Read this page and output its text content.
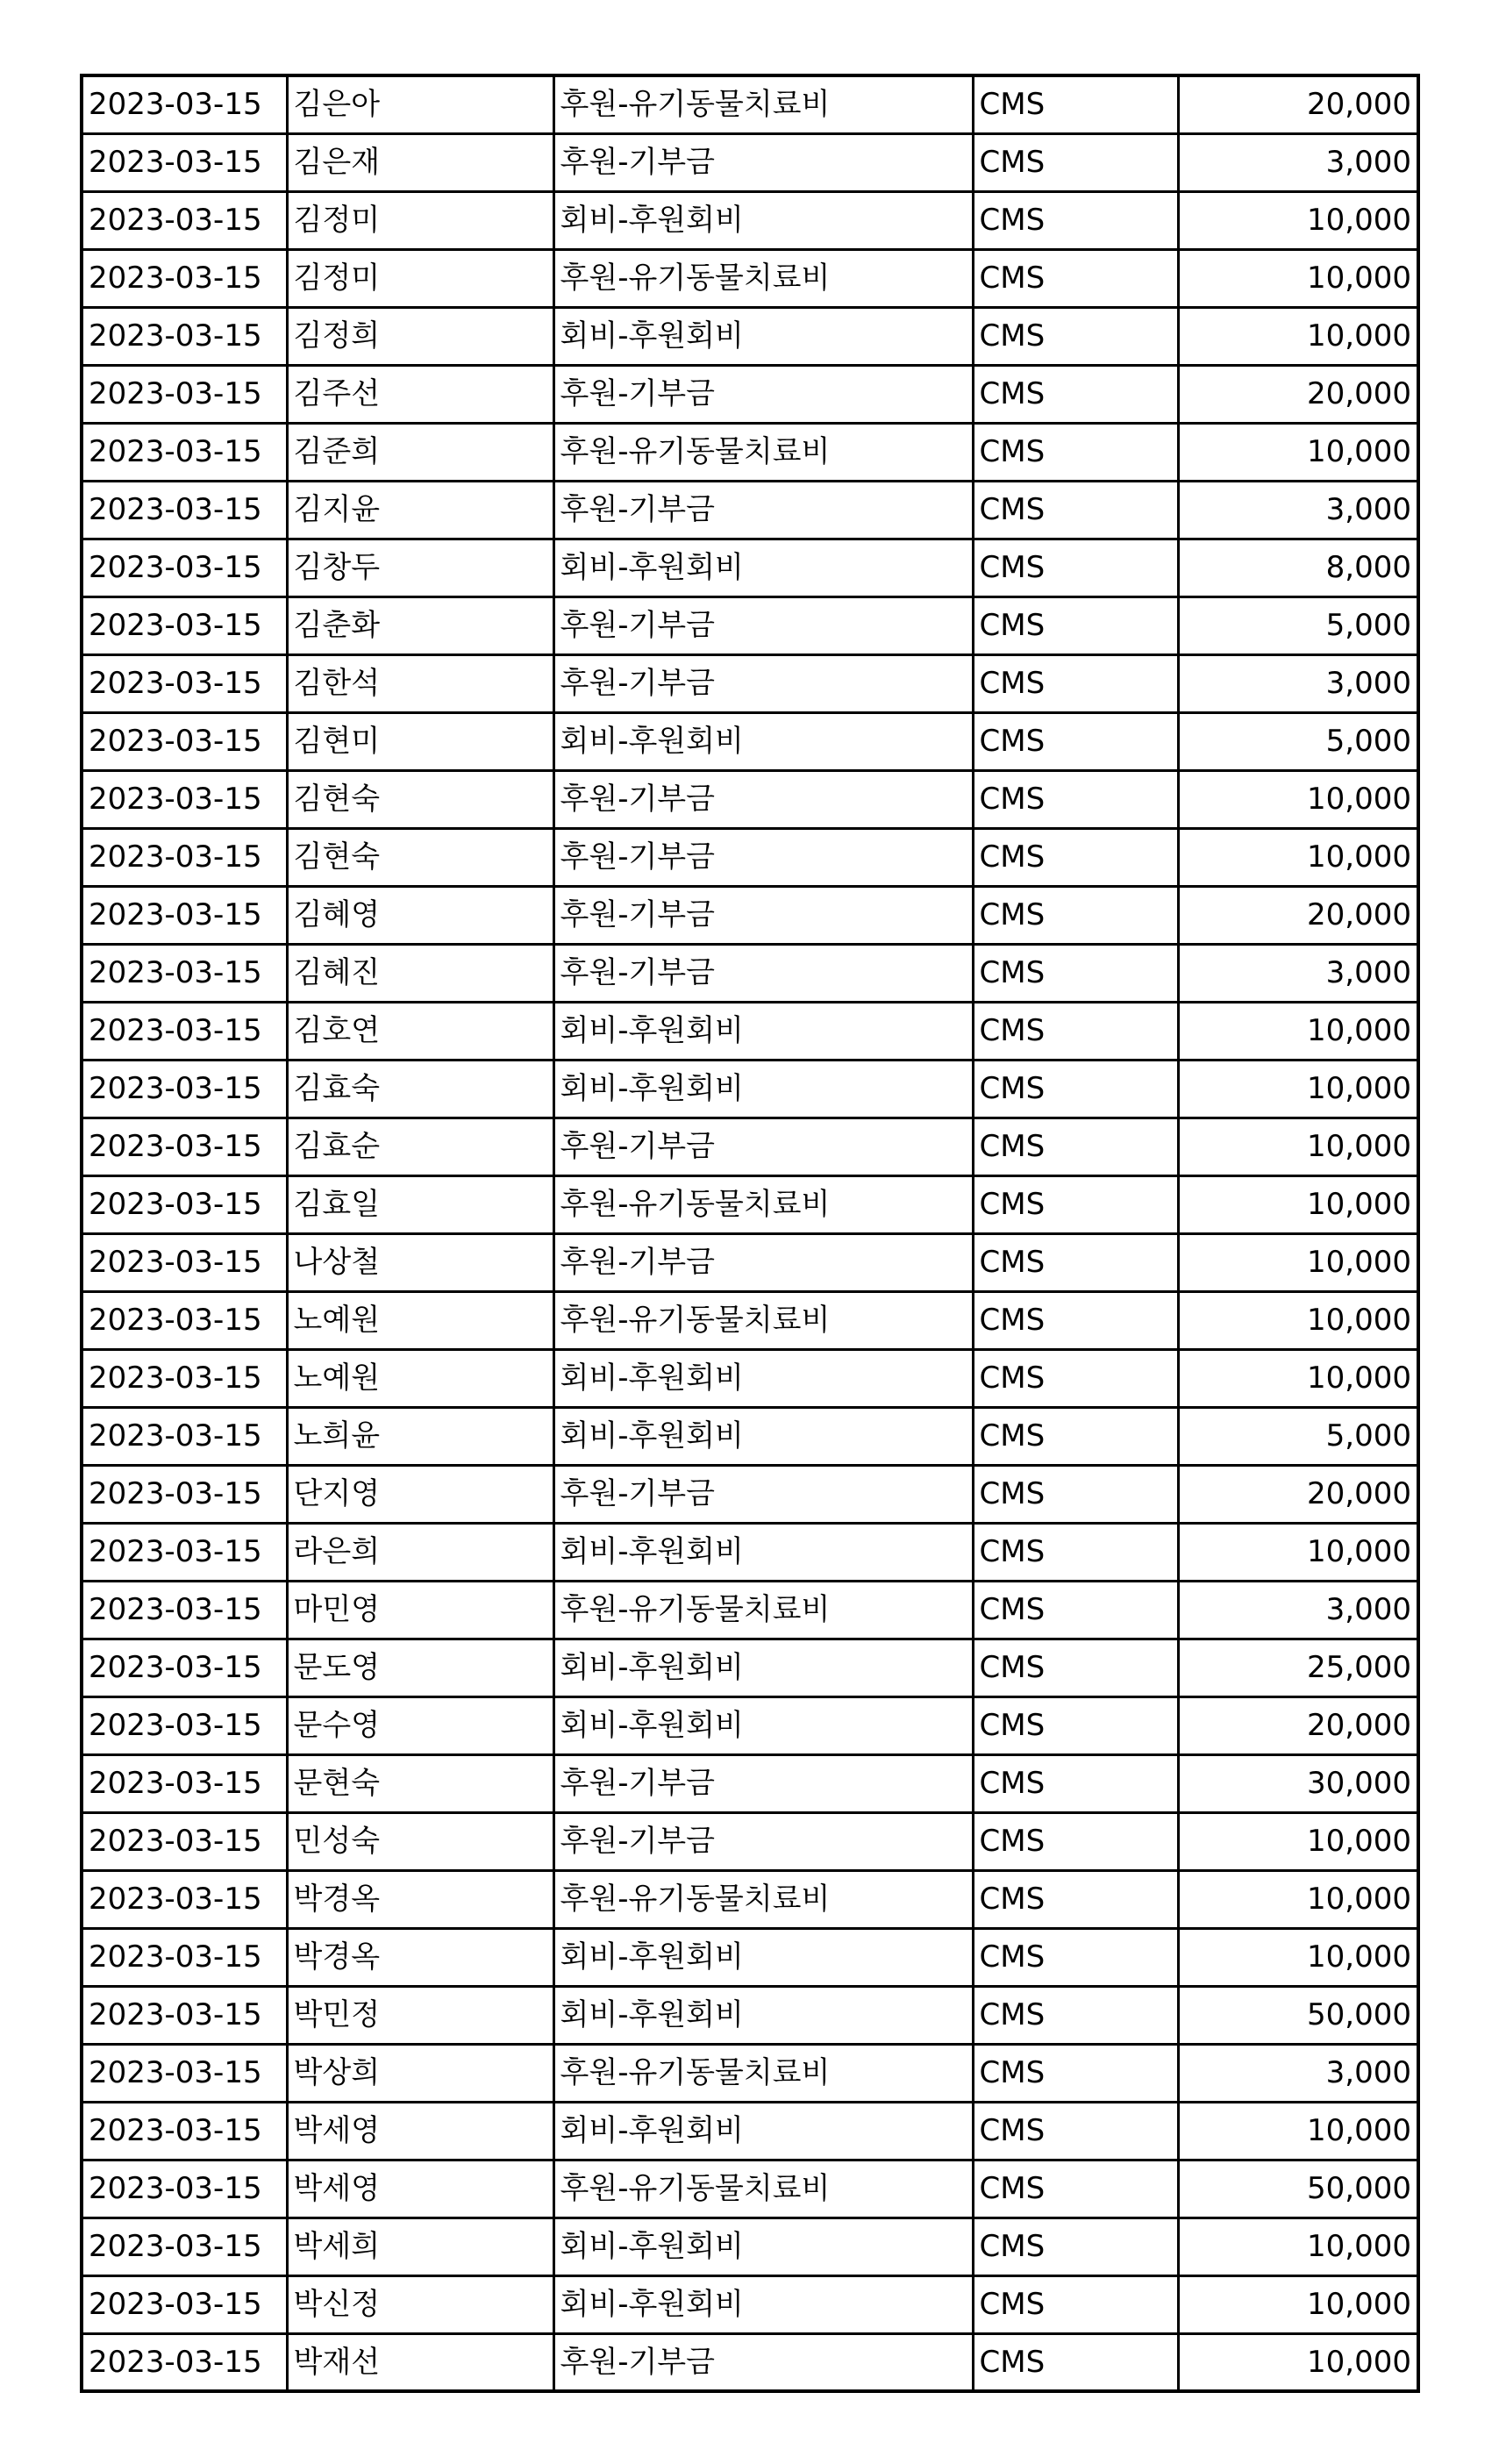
2023-03-15	김은아	후원-유기동물치료비	CMS	20,000
2023-03-15	김은재	후원-기부금	CMS	3,000
2023-03-15	김정미	회비-후원회비	CMS	10,000
2023-03-15	김정미	후원-유기동물치료비	CMS	10,000
2023-03-15	김정희	회비-후원회비	CMS	10,000
2023-03-15	김주선	후원-기부금	CMS	20,000
2023-03-15	김준희	후원-유기동물치료비	CMS	10,000
2023-03-15	김지윤	후원-기부금	CMS	3,000
2023-03-15	김창두	회비-후원회비	CMS	8,000
2023-03-15	김춘화	후원-기부금	CMS	5,000
2023-03-15	김한석	후원-기부금	CMS	3,000
2023-03-15	김현미	회비-후원회비	CMS	5,000
2023-03-15	김현숙	후원-기부금	CMS	10,000
2023-03-15	김현숙	후원-기부금	CMS	10,000
2023-03-15	김혜영	후원-기부금	CMS	20,000
2023-03-15	김혜진	후원-기부금	CMS	3,000
2023-03-15	김호연	회비-후원회비	CMS	10,000
2023-03-15	김효숙	회비-후원회비	CMS	10,000
2023-03-15	김효순	후원-기부금	CMS	10,000
2023-03-15	김효일	후원-유기동물치료비	CMS	10,000
2023-03-15	나상철	후원-기부금	CMS	10,000
2023-03-15	노예원	후원-유기동물치료비	CMS	10,000
2023-03-15	노예원	회비-후원회비	CMS	10,000
2023-03-15	노희윤	회비-후원회비	CMS	5,000
2023-03-15	단지영	후원-기부금	CMS	20,000
2023-03-15	라은희	회비-후원회비	CMS	10,000
2023-03-15	마민영	후원-유기동물치료비	CMS	3,000
2023-03-15	문도영	회비-후원회비	CMS	25,000
2023-03-15	문수영	회비-후원회비	CMS	20,000
2023-03-15	문현숙	후원-기부금	CMS	30,000
2023-03-15	민성숙	후원-기부금	CMS	10,000
2023-03-15	박경옥	후원-유기동물치료비	CMS	10,000
2023-03-15	박경옥	회비-후원회비	CMS	10,000
2023-03-15	박민정	회비-후원회비	CMS	50,000
2023-03-15	박상희	후원-유기동물치료비	CMS	3,000
2023-03-15	박세영	회비-후원회비	CMS	10,000
2023-03-15	박세영	후원-유기동물치료비	CMS	50,000
2023-03-15	박세희	회비-후원회비	CMS	10,000
2023-03-15	박신정	회비-후원회비	CMS	10,000
2023-03-15	박재선	후원-기부금	CMS	10,000
